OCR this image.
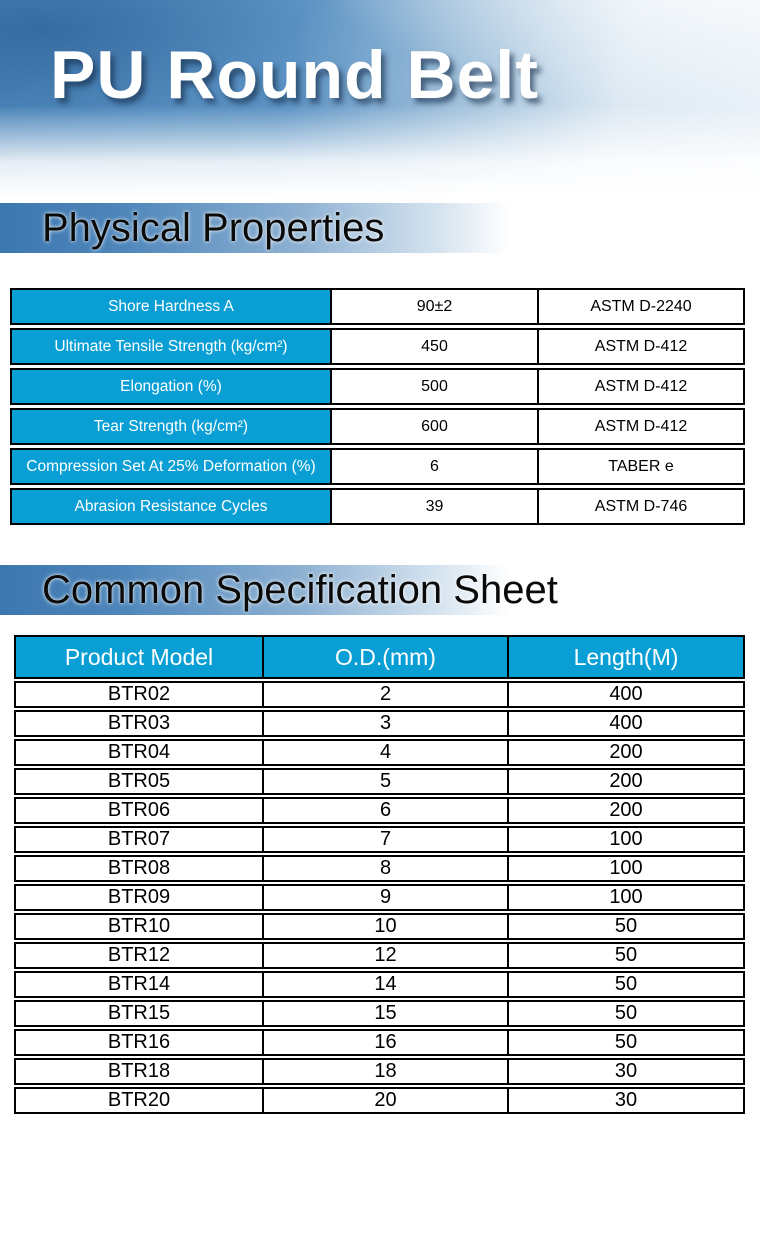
PU Round Belt
Physical Properties
Shore Hardness A	90±2	ASTM D-2240
Ultimate Tensile Strength (kg/cm²)	450	ASTM D-412
Elongation (%)	500	ASTM D-412
Tear Strength (kg/cm²)	600	ASTM D-412
Compression Set At 25% Deformation (%)	6	TABER e
Abrasion Resistance Cycles	39	ASTM D-746
Common Specification Sheet
Product Model	O.D.(mm)	Length(M)
BTR02	2	400
BTR03	3	400
BTR04	4	200
BTR05	5	200
BTR06	6	200
BTR07	7	100
BTR08	8	100
BTR09	9	100
BTR10	10	50
BTR12	12	50
BTR14	14	50
BTR15	15	50
BTR16	16	50
BTR18	18	30
BTR20	20	30
